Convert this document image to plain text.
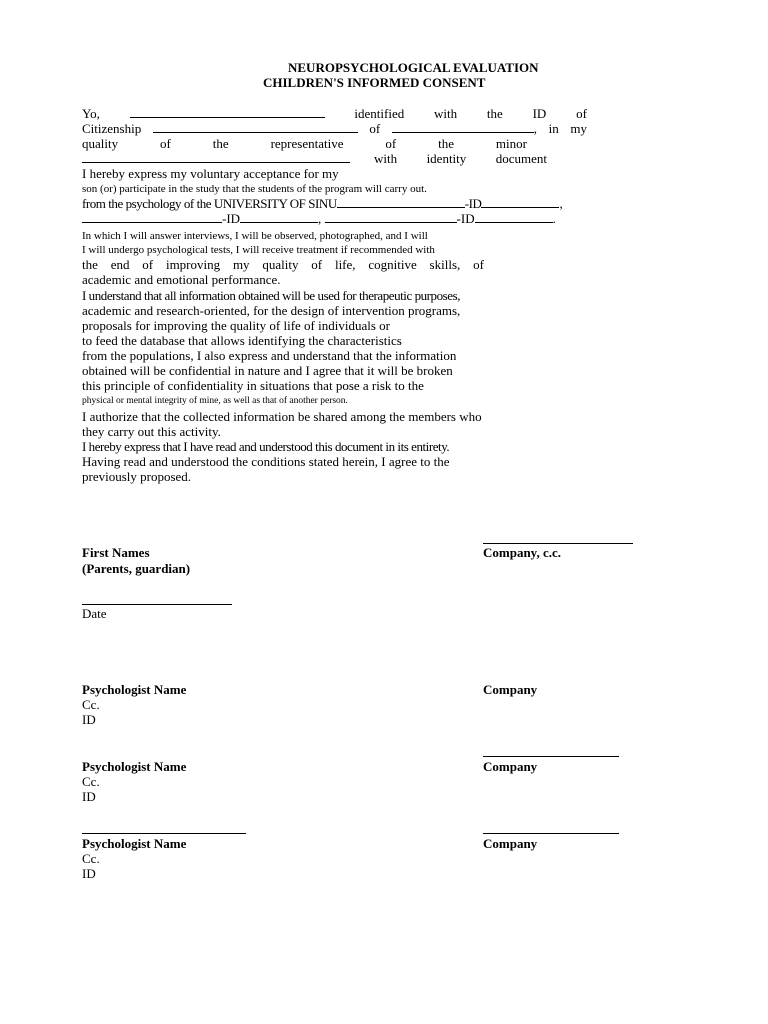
NEUROPSYCHOLOGICAL EVALUATION
CHILDREN'S INFORMED CONSENT
Yo,	identified with the ID of
Citizenship	of	, in my
quality	of	the	representative	of	the	minor
with identity document
I hereby express my voluntary acceptance for my
son (or) participate in the study that the students of the program will carry out.
from the psychology of the UNIVERSITY OF SINU	-ID	,
-ID	,	-ID	.
In which I will answer interviews, I will be observed, photographed, and I will
I will undergo psychological tests, I will receive treatment if recommended with
the end of improving my quality of life, cognitive skills, of
academic and emotional performance.
I understand that all information obtained will be used for therapeutic purposes,
academic and research-oriented, for the design of intervention programs,
proposals for improving the quality of life of individuals or
to feed the database that allows identifying the characteristics
from the populations, I also express and understand that the information
obtained will be confidential in nature and I agree that it will be broken
this principle of confidentiality in situations that pose a risk to the
physical or mental integrity of mine, as well as that of another person.
I authorize that the collected information be shared among the members who
they carry out this activity.
I hereby express that I have read and understood this document in its entirety.
Having read and understood the conditions stated herein, I agree to the
previously proposed.
First Names	Company, c.c.
(Parents, guardian)
Date
Psychologist Name	Company
Cc.
ID
Psychologist Name	Company
Cc.
ID
Psychologist Name	Company
Cc.
ID
